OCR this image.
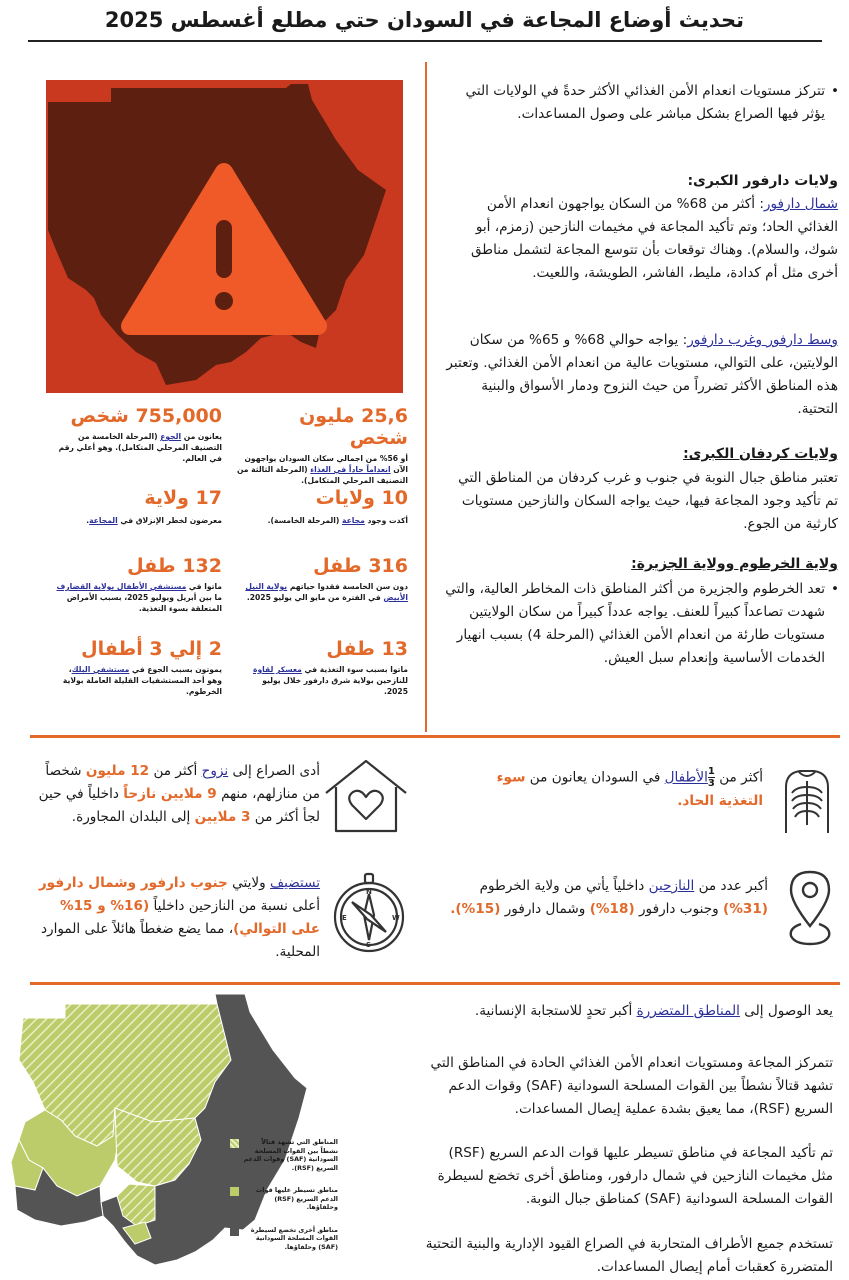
تحديث أوضاع المجاعة في السودان حتي مطلع أغسطس 2025
•
تتركز مستويات انعدام الأمن الغذائي الأكثر حدةً في الولايات التي يؤثر فيها الصراع بشكل مباشر على وصول المساعدات.
ولايات دارفور الكبرى:
شمال دارفور: أكثر من 68% من السكان يواجهون انعدام الأمن الغذائي الحاد؛ وتم تأكيد المجاعة في مخيمات النازحين (زمزم، أبو شوك، والسلام). وهناك توقعات بأن تتوسع المجاعة لتشمل مناطق أخرى مثل أم كدادة، مليط، الفاشر، الطويشة، واللعيت.
وسط دارفور وغرب دارفور: يواجه حوالي 68% و 65% من سكان الولايتين، على التوالي، مستويات عالية من انعدام الأمن الغذائي. وتعتبر هذه المناطق الأكثر تضرراً من حيث النزوح ودمار الأسواق والبنية التحتية.
ولايات كردفان الكبرى:
تعتبر مناطق جبال النوبة في جنوب و غرب كردفان من المناطق التي تم تأكيد وجود المجاعة فيها، حيث يواجه السكان والنازحين مستويات كارثية من الجوع.
ولاية الخرطوم وولاية الجزيرة:
•
تعد الخرطوم والجزيرة من أكثر المناطق ذات المخاطر العالية، والتي شهدت تصاعداً كبيراً للعنف. يواجه عدداً كبيراً من سكان الولايتين مستويات طارئة من انعدام الأمن الغذائي (المرحلة 4) بسبب انهيار الخدمات الأساسية وإنعدام سبل العيش.
25,6 مليون شخص
أو 56% من اجمالي سكان السودان يواجهون الآن انعداماً حاداً في الغذاء (المرحلة الثالثة من التصنيف المرحلي المتكامل).
755,000 شخص
يعانون من الجوع (المرحلة الخامسة من التصنيف المرحلي المتكامل). وهو أعلي رقم في العالم.
10 ولايات
أكدت وجود مجاعة (المرحلة الخامسة).
17 ولاية
معرضون لخطر الإنزلاق في المجاعة.
316 طفل
دون سن الخامسة فقدوا حياتهم بولاية النيل الأبيض في الفترة من مايو الي يوليو 2025.
132 طفل
ماتوا في مستشفي الأطفال بولاية القضارف ما بين أبريل ويوليو 2025، بسبب الأمراض المتعلقة بسوء التغذية.
13 طفل
ماتوا بسبب سوء التغذية في معسكر لقاوة للنازحين بولاية شرق دارفور خلال يوليو 2025.
2 إلي 3 أطفال
يموتون بسبب الجوع في مستشفي البلك، وهو أحد المستشفيات القليلة العاملة بولاية الخرطوم.
أكثر من
$\frac{1}{3}$
الأطفال في السودان يعانون من سوء التغذية الحاد.
أدى الصراع إلى نزوح أكثر من 12 مليون شخصاً من منازلهم، منهم 9 ملايين نازحاً داخلياً في حين لجأ أكثر من 3 ملايين إلى البلدان المجاورة.
أكبر عدد من النازحين داخلياً يأتي من ولاية الخرطوم (31%) وجنوب دارفور (18%) وشمال دارفور (15%).
N
S
E	W
تستضيف ولايتي جنوب دارفور وشمال دارفور أعلى نسبة من النازحين داخلياً (16% و 15% على التوالي)، مما يضع ضغطاً هائلاً على الموارد المحلية.
المناطق التي تشهد قتالاً نشطاً بين القوات المسلحة السودانية (SAF) وقوات الدعم السريع (RSF).
مناطق تسيطر عليها قوات الدعم السريع (RSF) وحلفاؤها.
مناطق أخرى تخضع لسيطرة القوات المسلحة السودانية (SAF) وحلفاؤها.
يعد الوصول إلى المناطق المتضررة أكبر تحدٍ للاستجابة الإنسانية.
تتمركز المجاعة ومستويات انعدام الأمن الغذائي الحادة في المناطق التي تشهد قتالاً نشطاً بين القوات المسلحة السودانية (SAF) وقوات الدعم السريع (RSF)، مما يعيق بشدة عملية إيصال المساعدات.
تم تأكيد المجاعة في مناطق تسيطر عليها قوات الدعم السريع (RSF) مثل مخيمات النازحين في شمال دارفور، ومناطق أخرى تخضع لسيطرة القوات المسلحة السودانية (SAF) كمناطق جبال النوبة.
تستخدم جميع الأطراف المتحاربة في الصراع القيود الإدارية والبنية التحتية المتضررة كعقبات أمام إيصال المساعدات.
